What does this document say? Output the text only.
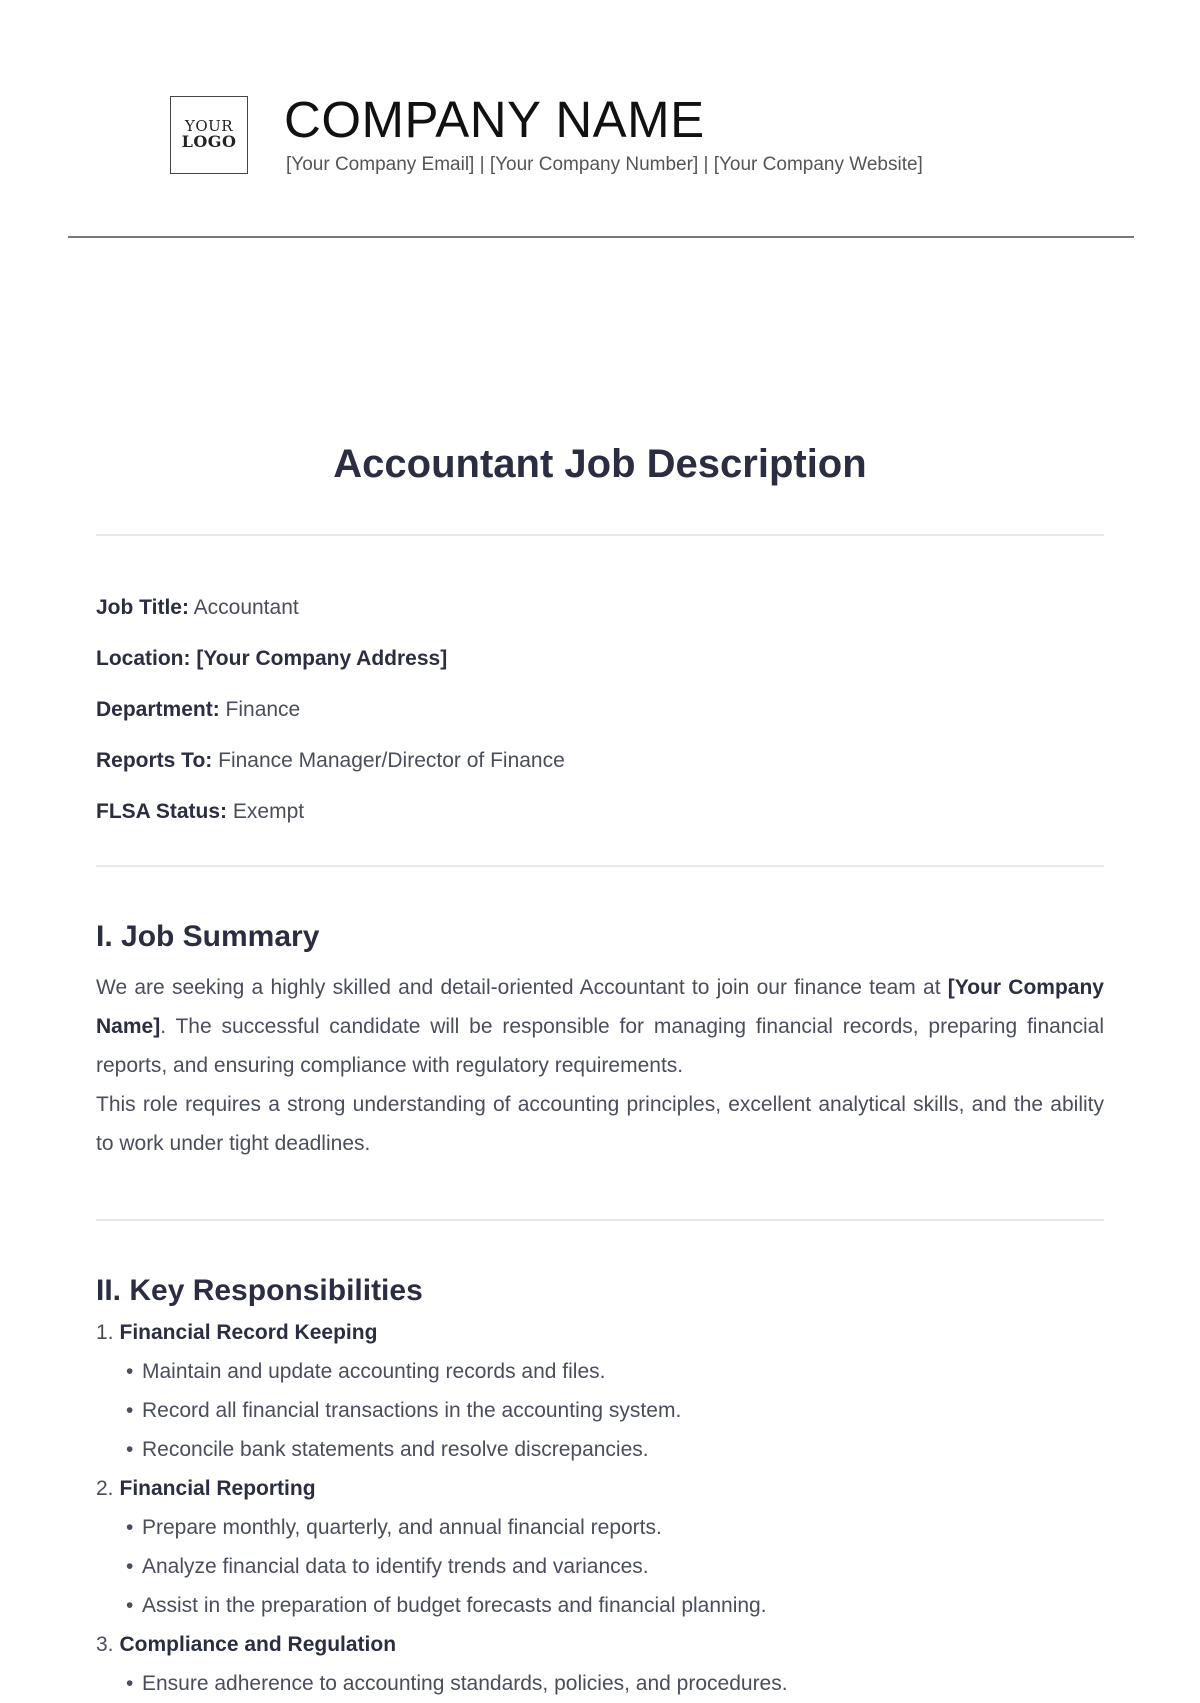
YOUR
LOGO COMPANY NAME
[Your Company Email] | [Your Company Number] | [Your Company Website]
Accountant Job Description
Job Title: Accountant
Location: [Your Company Address]
Department: Finance
Reports To: Finance Manager/Director of Finance
FLSA Status: Exempt
I. Job Summary

We are seeking a highly skilled and detail-oriented Accountant to join our finance team at [Your Company Name]. The successful candidate will be responsible for managing financial records, preparing financial reports, and ensuring compliance with regulatory requirements.

This role requires a strong understanding of accounting principles, excellent analytical skills, and the ability to work under tight deadlines.

II. Key Responsibilities
1. Financial Record Keeping
• Maintain and update accounting records and files.
• Record all financial transactions in the accounting system.
• Reconcile bank statements and resolve discrepancies.
2. Financial Reporting
• Prepare monthly, quarterly, and annual financial reports.
• Analyze financial data to identify trends and variances.
• Assist in the preparation of budget forecasts and financial planning.
3. Compliance and Regulation
• Ensure adherence to accounting standards, policies, and procedures.
